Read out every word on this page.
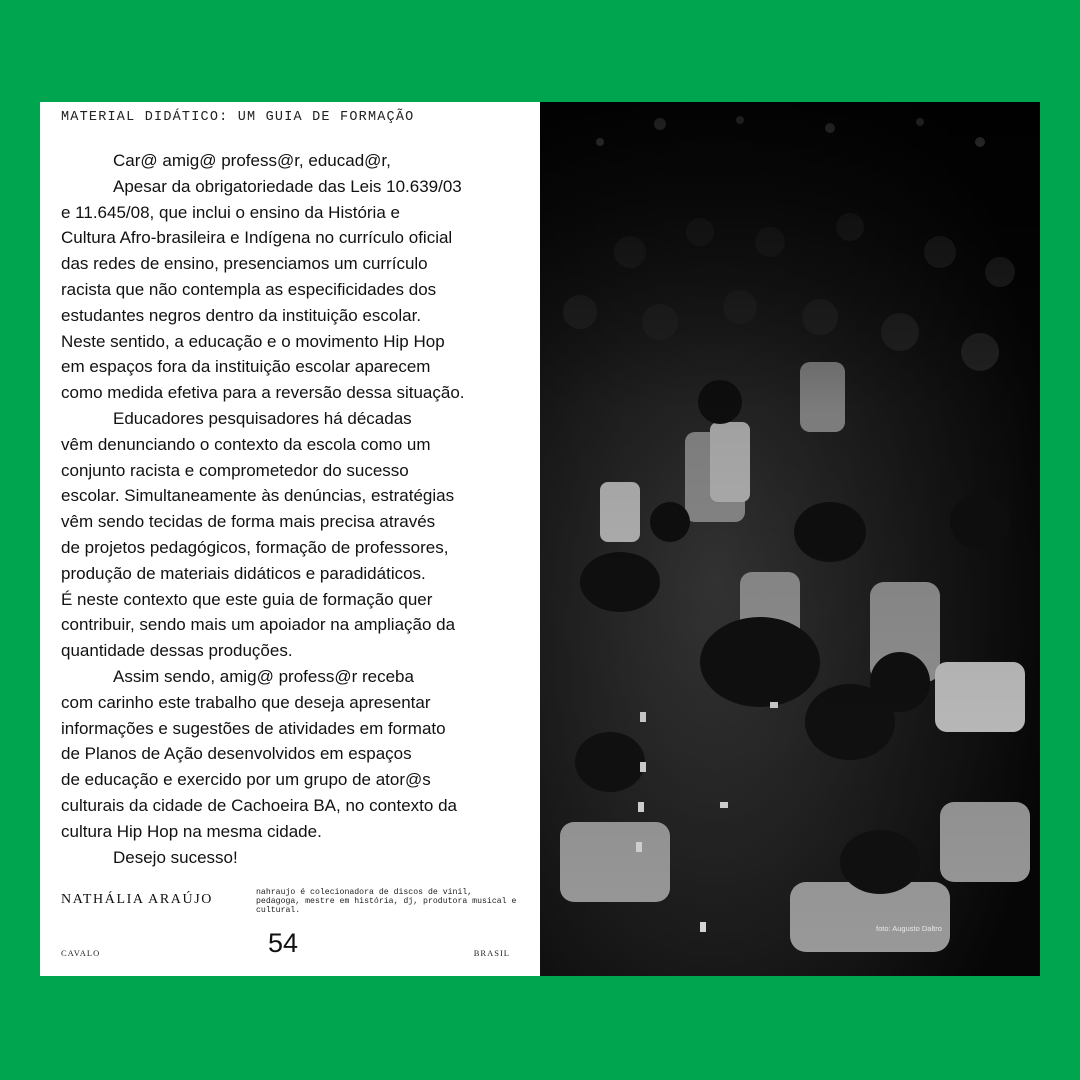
MATERIAL DIDÁTICO: UM GUIA DE FORMAÇÃO

Car@ amig@ profess@r, educad@r,

Apesar da obrigatoriedade das Leis 10.639/03

e 11.645/08, que inclui o ensino da História e

Cultura Afro-brasileira e Indígena no currículo oficial

das redes de ensino, presenciamos um currículo

racista que não contempla as especificidades dos

estudantes negros dentro da instituição escolar.

Neste sentido, a educação e o movimento Hip Hop

em espaços fora da instituição escolar aparecem

como medida efetiva para a reversão dessa situação.

Educadores pesquisadores há décadas

vêm denunciando o contexto da escola como um

conjunto racista e comprometedor do sucesso

escolar. Simultaneamente às denúncias, estratégias

vêm sendo tecidas de forma mais precisa através

de projetos pedagógicos, formação de professores,

produção de materiais didáticos e paradidáticos.

É neste contexto que este guia de formação quer

contribuir, sendo mais um apoiador na ampliação da

quantidade dessas produções.

Assim sendo, amig@ profess@r receba

com carinho este trabalho que deseja apresentar

informações e sugestões de atividades em formato

de Planos de Ação desenvolvidos em espaços

de educação e exercido por um grupo de ator@s

culturais da cidade de Cachoeira BA, no contexto da

cultura Hip Hop na mesma cidade.

Desejo sucesso!

NATHÁLIA ARAÚJO	nahraujo é colecionadora de discos de vinil, pedagoga, mestre em história, dj, produtora musical e cultural.
CAVALO	54	BRASIL
foto: Augusto Daltro
